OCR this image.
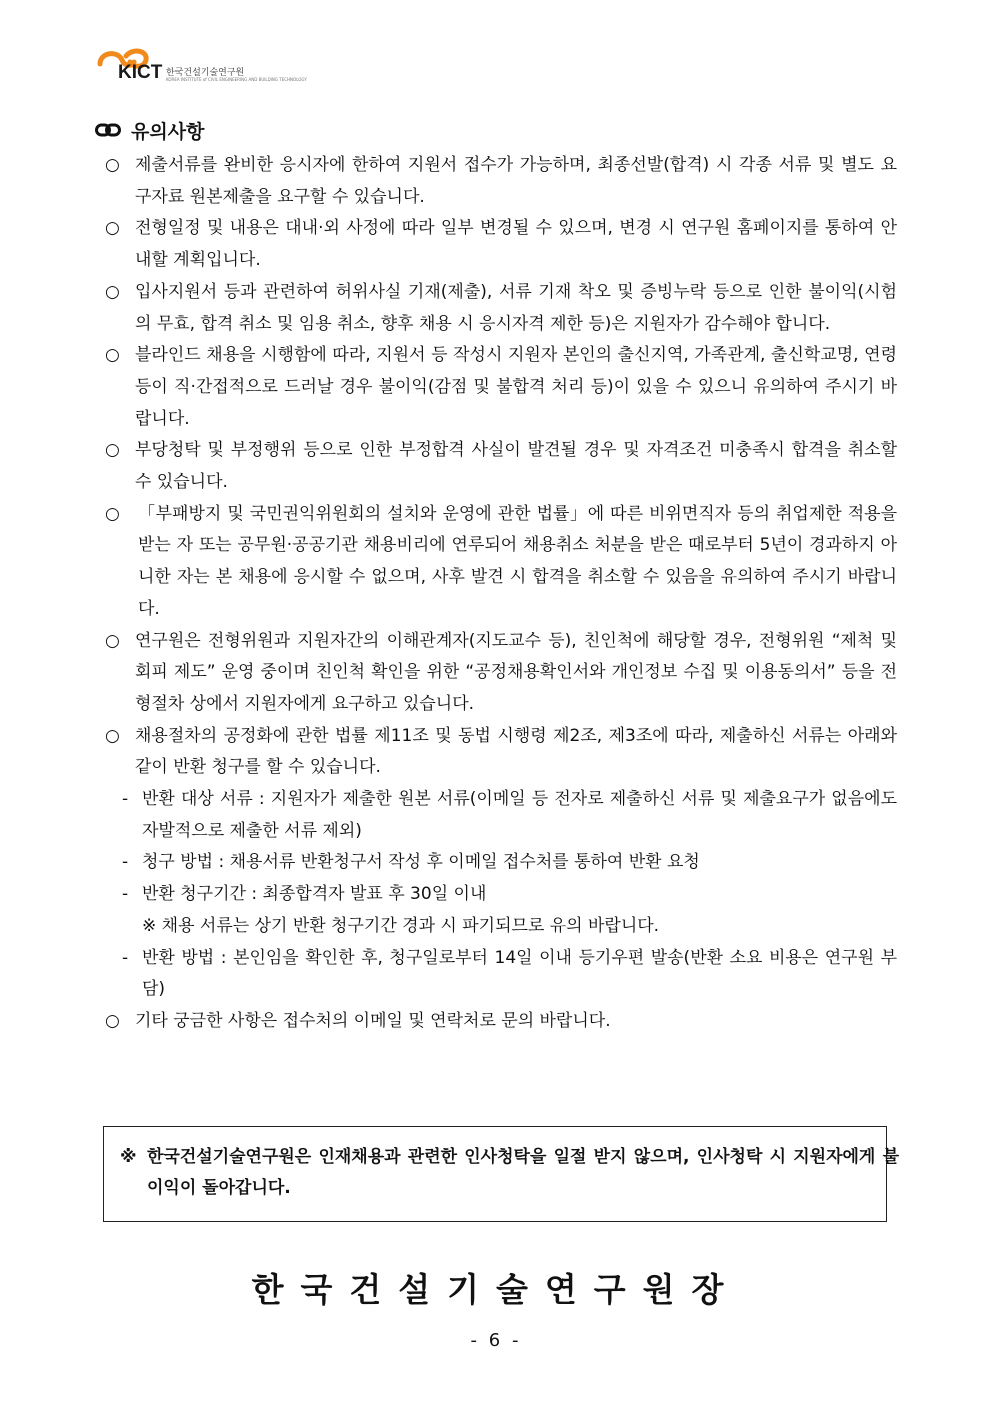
KICT 한국건설기술연구원
KOREA INSTITUTE of CIVIL ENGINEERING AND BUILDING TECHNOLOGY
유의사항
○ 제출서류를 완비한 응시자에 한하여 지원서 접수가 가능하며, 최종선발(합격) 시 각종 서류 및 별도 요구자료 원본제출을 요구할 수 있습니다.
○ 전형일정 및 내용은 대내·외 사정에 따라 일부 변경될 수 있으며, 변경 시 연구원 홈페이지를 통하여 안내할 계획입니다.
○ 입사지원서 등과 관련하여 허위사실 기재(제출), 서류 기재 착오 및 증빙누락 등으로 인한 불이익(시험의 무효, 합격 취소 및 임용 취소, 향후 채용 시 응시자격 제한 등)은 지원자가 감수해야 합니다.
○ 블라인드 채용을 시행함에 따라, 지원서 등 작성시 지원자 본인의 출신지역, 가족관계, 출신학교명, 연령 등이 직·간접적으로 드러날 경우 불이익(감점 및 불합격 처리 등)이 있을 수 있으니 유의하여 주시기 바랍니다.
○ 부당청탁 및 부정행위 등으로 인한 부정합격 사실이 발견될 경우 및 자격조건 미충족시 합격을 취소할 수 있습니다.
○	「부패방지 및 국민권익위원회의 설치와 운영에 관한 법률」에 따른 비위면직자 등의 취업제한 적용을 받는 자 또는 공무원·공공기관 채용비리에 연루되어 채용취소 처분을 받은 때로부터 5년이 경과하지 아니한 자는 본 채용에 응시할 수 없으며, 사후 발견 시 합격을 취소할 수 있음을 유의하여 주시기 바랍니다.
○ 연구원은 전형위원과 지원자간의 이해관계자(지도교수 등), 친인척에 해당할 경우, 전형위원 “제척 및 회피 제도” 운영 중이며 친인척 확인을 위한 “공정채용확인서와 개인정보 수집 및 이용동의서” 등을 전형절차 상에서 지원자에게 요구하고 있습니다.
○ 채용절차의 공정화에 관한 법률 제11조 및 동법 시행령 제2조, 제3조에 따라, 제출하신 서류는 아래와 같이 반환 청구를 할 수 있습니다.
- 반환 대상 서류 : 지원자가 제출한 원본 서류(이메일 등 전자로 제출하신 서류 및 제출요구가 없음에도 자발적으로 제출한 서류 제외)
- 청구 방법 : 채용서류 반환청구서 작성 후 이메일 접수처를 통하여 반환 요청
- 반환 청구기간 : 최종합격자 발표 후 30일 이내
※ 채용 서류는 상기 반환 청구기간 경과 시 파기되므로 유의 바랍니다.
- 반환 방법 : 본인임을 확인한 후, 청구일로부터 14일 이내 등기우편 발송(반환 소요 비용은 연구원 부담)
○ 기타 궁금한 사항은 접수처의 이메일 및 연락처로 문의 바랍니다.
※ 한국건설기술연구원은 인재채용과 관련한 인사청탁을 일절 받지 않으며, 인사청탁 시 지원자에게 불이익이 돌아갑니다.
한국건설기술연구원장
- 6 -
